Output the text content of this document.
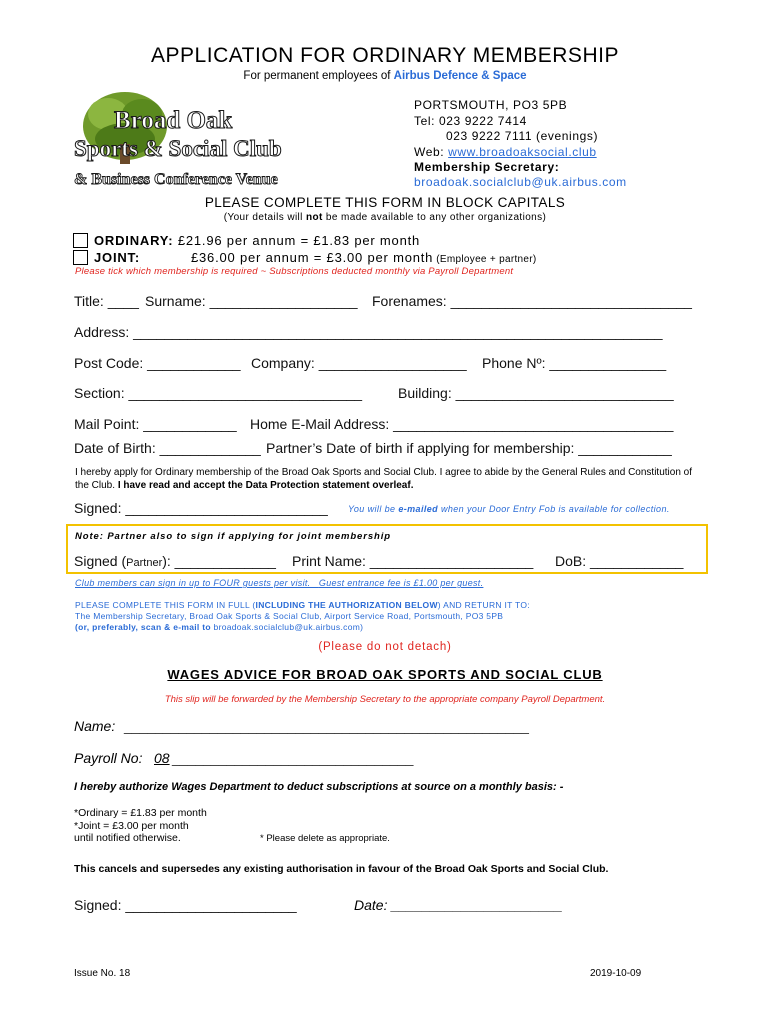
APPLICATION FOR ORDINARY MEMBERSHIP
For permanent employees of Airbus Defence & Space
Broad Oak
Sports & Social Club
& Business Conference Venue
PORTSMOUTH, PO3 5PB
Tel: 023 9222 7414
023 9222 7111 (evenings)
Web: www.broadoaksocial.club
Membership Secretary:
broadoak.socialclub@uk.airbus.com
PLEASE COMPLETE THIS FORM IN BLOCK CAPITALS
(Your details will not be made available to any other organizations)
ORDINARY: £21.96 per annum = £1.83 per month
JOINT:	£36.00 per annum = £3.00 per month (Employee + partner)
Please tick which membership is required ~ Subscriptions deducted monthly via Payroll Department
Title: ____ Surname: ___________________ Forenames: _______________________________
Address: ____________________________________________________________________
Post Code: ____________ Company: ___________________ Phone Nº: _______________
Section: ______________________________	Building: ____________________________
Mail Point: ____________ Home E-Mail Address: ____________________________________
Date of Birth: _____________ Partner’s Date of birth if applying for membership: ____________
I hereby apply for Ordinary membership of the Broad Oak Sports and Social Club. I agree to abide by the General Rules and Constitution of the Club. I have read and accept the Data Protection statement overleaf.
Signed: __________________________ You will be e-mailed when your Door Entry Fob is available for collection.
Note: Partner also to sign if applying for joint membership
Signed (Partner): _____________ Print Name: _____________________ DoB: ____________
Club members can sign in up to FOUR guests per visit. Guest entrance fee is £1.00 per guest.
PLEASE COMPLETE THIS FORM IN FULL (INCLUDING THE AUTHORIZATION BELOW) AND RETURN IT TO:
The Membership Secretary, Broad Oak Sports & Social Club, Airport Service Road, Portsmouth, PO3 5PB
(or, preferably, scan & e-mail to broadoak.socialclub@uk.airbus.com)
(Please do not detach)
WAGES ADVICE FOR BROAD OAK SPORTS AND SOCIAL CLUB
This slip will be forwarded by the Membership Secretary to the appropriate company Payroll Department.
Name: ____________________________________________________
Payroll No: 08 _______________________________
I hereby authorize Wages Department to deduct subscriptions at source on a monthly basis: -
*Ordinary = £1.83 per month
*Joint = £3.00 per month
until notified otherwise.	* Please delete as appropriate.
This cancels and supersedes any existing authorisation in favour of the Broad Oak Sports and Social Club.
Signed: ______________________	Date: ______________________
Issue No. 18	2019-10-09
